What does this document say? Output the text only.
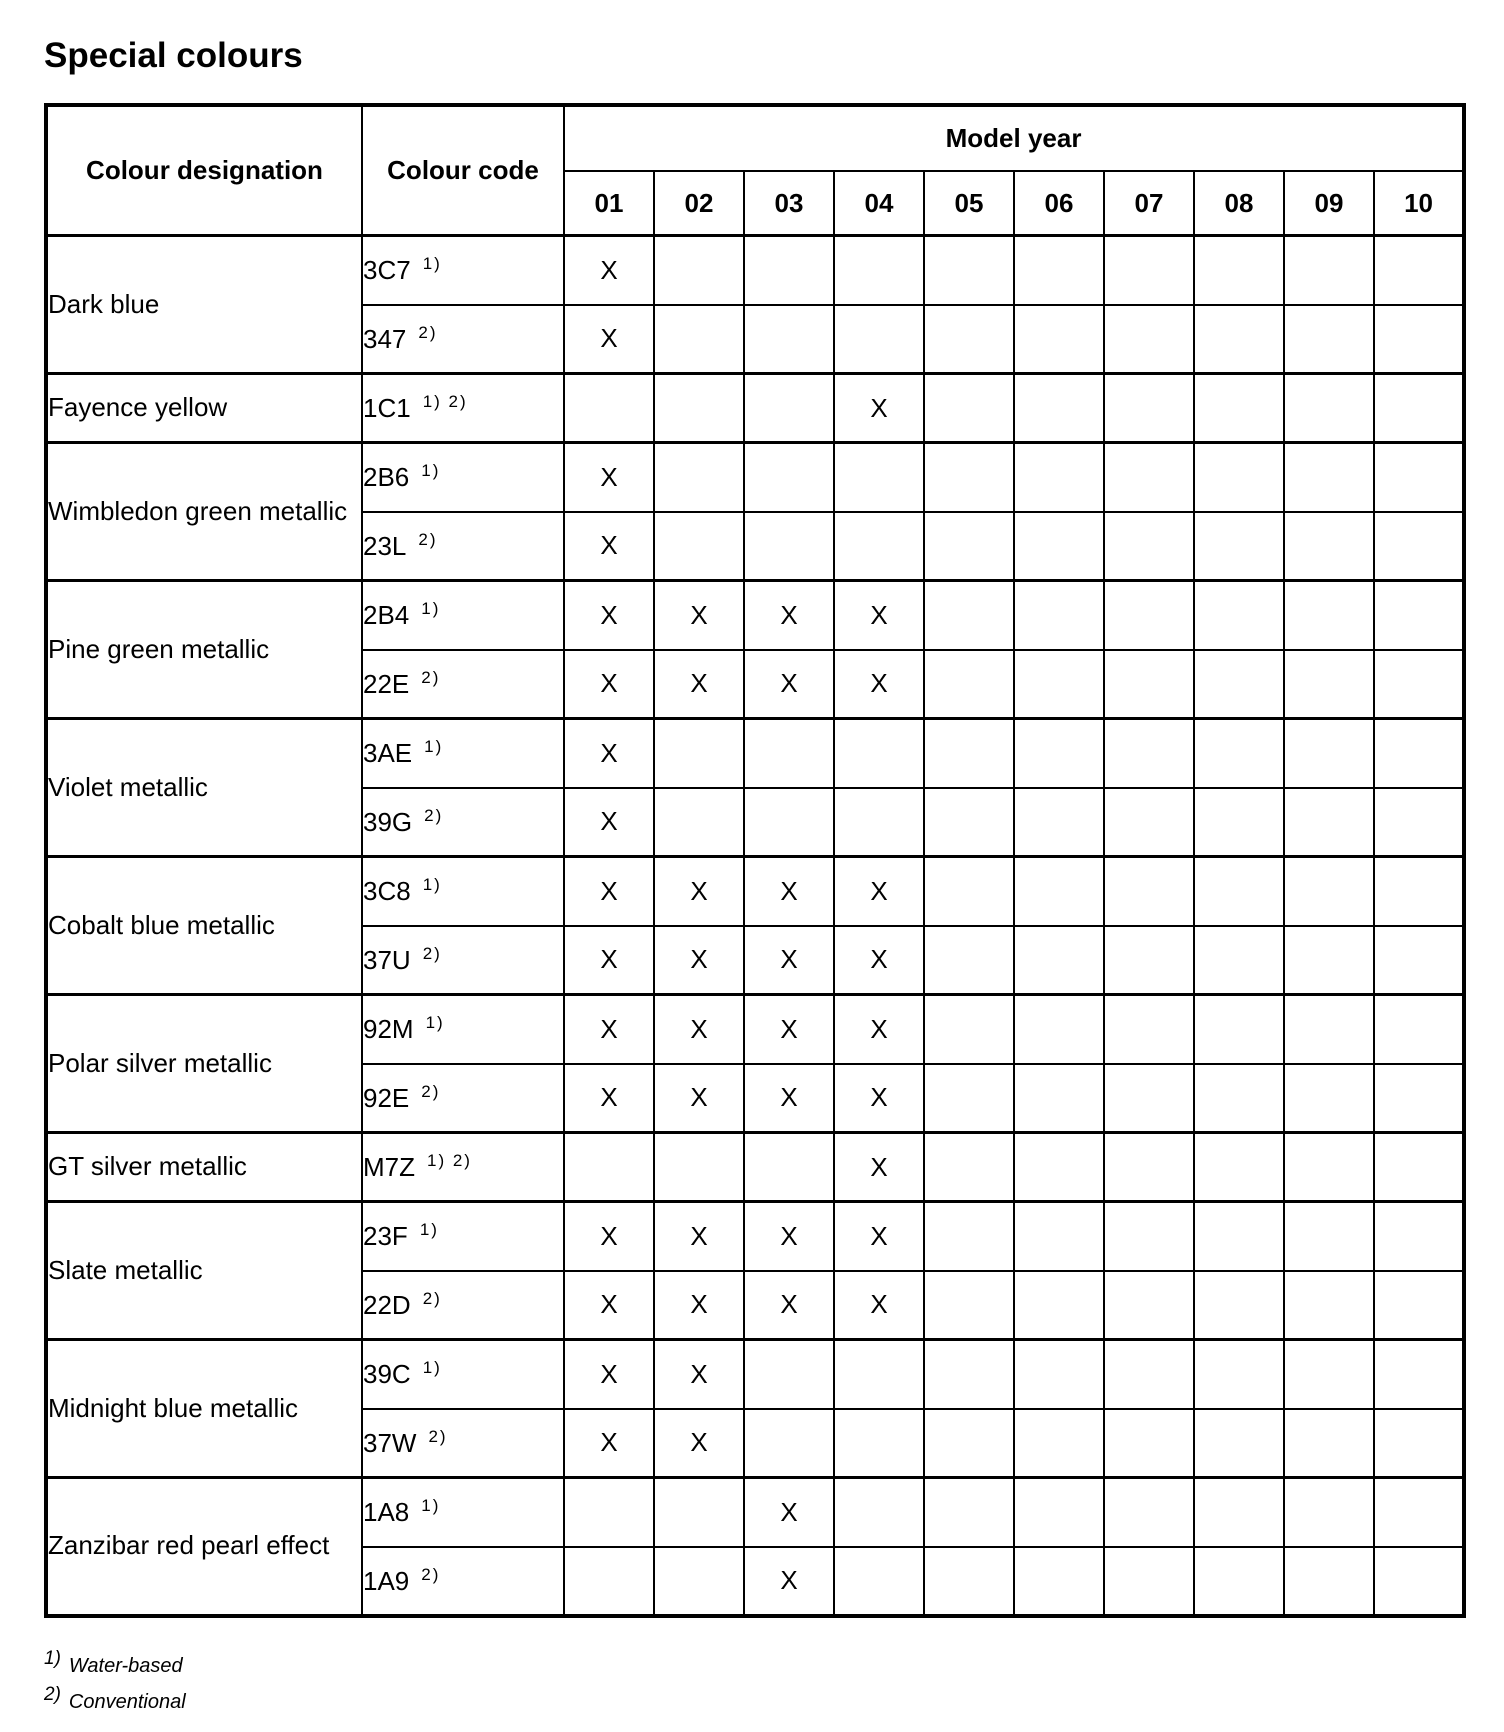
Special colours
Colour designation	Colour code	Model year									
		01	02	03	04	05	06	07	08	09	10
Dark blue	3C7 $^{1)}$	X									
	347 $^{2)}$	X									
Fayence yellow	1C1 $^{1) 2)}$				X						
Wimbledon green metallic	2B6 $^{1)}$	X									
	23L $^{2)}$	X									
Pine green metallic	2B4 $^{1)}$	X	X	X	X						
	22E $^{2)}$	X	X	X	X						
Violet metallic	3AE $^{1)}$	X									
	39G $^{2)}$	X									
Cobalt blue metallic	3C8 $^{1)}$	X	X	X	X						
	37U $^{2)}$	X	X	X	X						
Polar silver metallic	92M $^{1)}$	X	X	X	X						
	92E $^{2)}$	X	X	X	X						
GT silver metallic	M7Z $^{1) 2)}$				X						
Slate metallic	23F $^{1)}$	X	X	X	X						
	22D $^{2)}$	X	X	X	X						
Midnight blue metallic	39C $^{1)}$	X	X								
	37W $^{2)}$	X	X								
Zanzibar red pearl effect	1A8 $^{1)}$			X							
	1A9 $^{2)}$			X							
1) Water-based
2) Conventional
